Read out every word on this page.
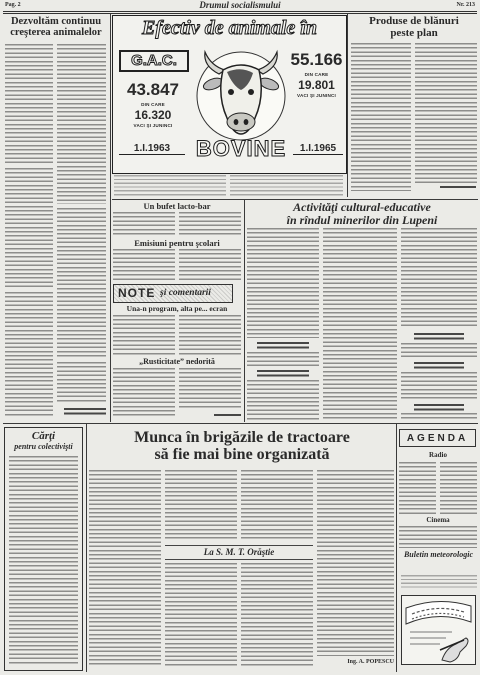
Pag. 2	Drumul socialismului	Nr. 213
Dezvoltăm continuu
creşterea animalelor	Efectiv de animale în
G.A.C.	55.166
DIN CARE
19.801
VACI ŞI JUNINCI
43.847
DIN CARE
16.320
VACI ŞI JUNINCI
1.I.1963	BOVINE	1.I.1965
Produse de blănuri
peste plan
Un bufet lacto-bar
Emisiuni pentru şcolari
NOTE şi comentarii
Una-n program, alta pe... ecran
„Rusticitate” nedorită
Activităţi cultural-educative
în rîndul minerilor din Lupeni
Cărţi
pentru colectivişti
Munca în brigăzile de tractoare
să fie mai bine organizată
La S. M. T. Orăştie
Ing. A. POPESCU
AGENDA
Radio
Cinema
Buletin meteorologic
